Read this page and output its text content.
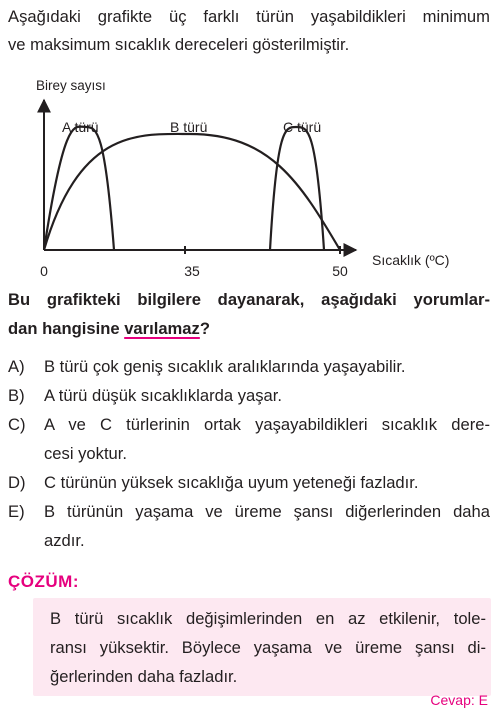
Aşağıdaki grafikte üç farklı türün yaşabildikleri minimum
ve maksimum sıcaklık dereceleri gösterilmiştir.
Birey sayısı
Sıcaklık (ºC)
0	35	50
A türü	B türü	C türü
Bu grafikteki bilgilere dayanarak, aşağıdaki yorumlar-
dan hangisine varılamaz?
A)	B türü çok geniş sıcaklık aralıklarında yaşayabilir.
B)	A türü düşük sıcaklıklarda yaşar.
C)	A ve C türlerinin ortak yaşayabildikleri sıcaklık dere-
cesi yoktur.
D)	C türünün yüksek sıcaklığa uyum yeteneği fazladır.
E)	B türünün yaşama ve üreme şansı diğerlerinden daha
azdır.
ÇÖZÜM:
B türü sıcaklık değişimlerinden en az etkilenir, tole-
ransı yüksektir. Böylece yaşama ve üreme şansı di-
ğerlerinden daha fazladır.
Cevap: E
